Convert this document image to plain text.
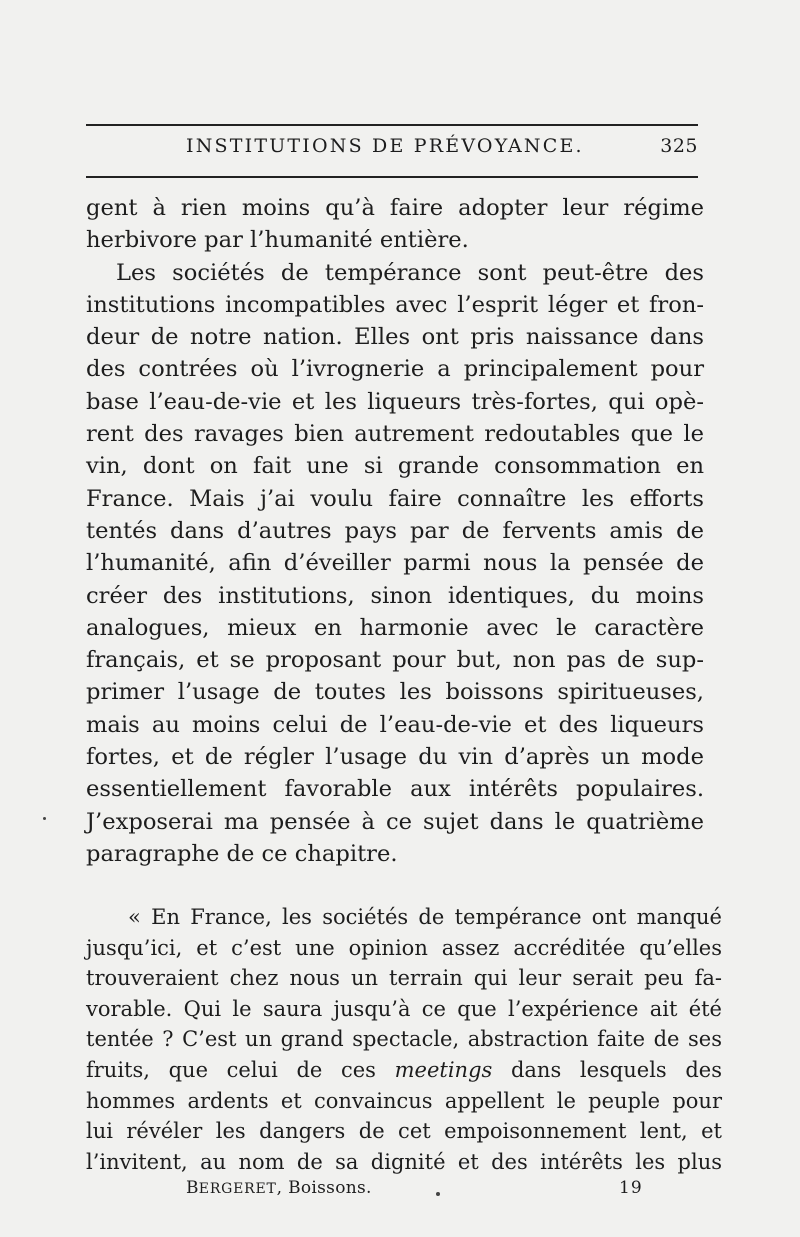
INSTITUTIONS DE PRÉVOYANCE.	325
gent à rien moins qu’à faire adopter leur régime
herbivore par l’humanité entière.
Les sociétés de tempérance sont peut-être des
institutions incompatibles avec l’esprit léger et fron-
deur de notre nation. Elles ont pris naissance dans
des contrées où l’ivrognerie a principalement pour
base l’eau-de-vie et les liqueurs très-fortes, qui opè-
rent des ravages bien autrement redoutables que le
vin, dont on fait une si grande consommation en
France. Mais j’ai voulu faire connaître les efforts
tentés dans d’autres pays par de fervents amis de
l’humanité, afin d’éveiller parmi nous la pensée de
créer des institutions, sinon identiques, du moins
analogues, mieux en harmonie avec le caractère
français, et se proposant pour but, non pas de sup-
primer l’usage de toutes les boissons spiritueuses,
mais au moins celui de l’eau-de-vie et des liqueurs
fortes, et de régler l’usage du vin d’après un mode
essentiellement favorable aux intérêts populaires.
J’exposerai ma pensée à ce sujet dans le quatrième
paragraphe de ce chapitre.
« En France, les sociétés de tempérance ont manqué
jusqu’ici, et c’est une opinion assez accréditée qu’elles
trouveraient chez nous un terrain qui leur serait peu fa-
vorable. Qui le saura jusqu’à ce que l’expérience ait été
tentée ? C’est un grand spectacle, abstraction faite de ses
fruits, que celui de ces meetings dans lesquels des
hommes ardents et convaincus appellent le peuple pour
lui révéler les dangers de cet empoisonnement lent, et
l’invitent, au nom de sa dignité et des intérêts les plus
BERGERET, Boissons.	19
